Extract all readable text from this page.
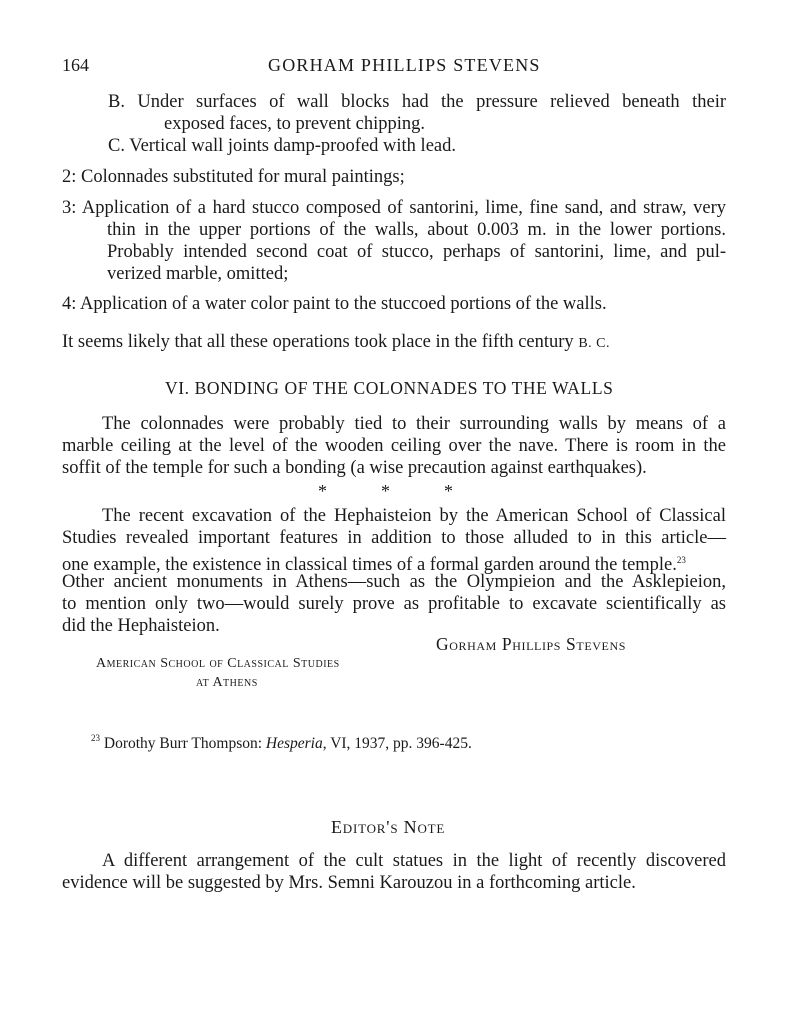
164	GORHAM PHILLIPS STEVENS
B. Under surfaces of wall blocks had the pressure relieved beneath their
exposed faces, to prevent chipping.
C. Vertical wall joints damp-proofed with lead.
2: Colonnades substituted for mural paintings;
3: Application of a hard stucco composed of santorini, lime, fine sand, and straw, very
thin in the upper portions of the walls, about 0.003 m. in the lower portions.
Probably intended second coat of stucco, perhaps of santorini, lime, and pul-
verized marble, omitted;
4: Application of a water color paint to the stuccoed portions of the walls.
It seems likely that all these operations took place in the fifth century B. C.
VI. BONDING OF THE COLONNADES TO THE WALLS
The colonnades were probably tied to their surrounding walls by means of a
marble ceiling at the level of the wooden ceiling over the nave. There is room in the
soffit of the temple for such a bonding (a wise precaution against earthquakes).
*	*	*
The recent excavation of the Hephaisteion by the American School of Classical
Studies revealed important features in addition to those alluded to in this article—
one example, the existence in classical times of a formal garden around the temple.$^{23}$
Other ancient monuments in Athens—such as the Olympieion and the Asklepieion,
to mention only two—would surely prove as profitable to excavate scientifically as
did the Hephaisteion.
Gorham Phillips Stevens
American School of Classical Studies
at Athens
$^{23}$ Dorothy Burr Thompson: Hesperia, VI, 1937, pp. 396-425.
Editor's Note
A different arrangement of the cult statues in the light of recently discovered
evidence will be suggested by Mrs. Semni Karouzou in a forthcoming article.
